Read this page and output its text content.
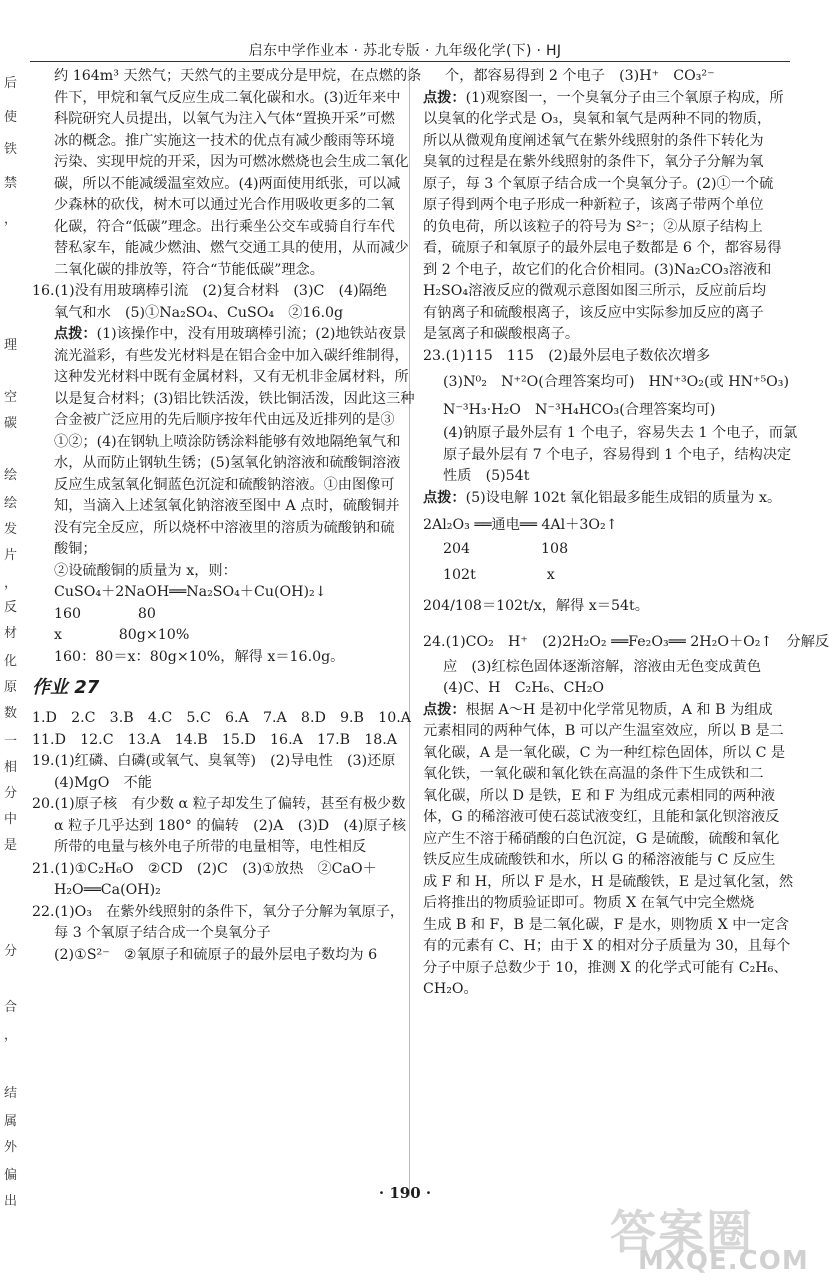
启东中学作业本 · 苏北专版 · 九年级化学(下) · HJ
后
使
铁
禁
，
理
空
碳
绘
绘
发
片
，
反
材
化
原
数
一
相
分
中
是
分
合
，
结
属
外
偏
出
约 164m³ 天然气；天然气的主要成分是甲烷，在点燃的条
件下，甲烷和氧气反应生成二氧化碳和水。(3)近年来中
科院研究人员提出，以氧气为注入气体“置换开采”可燃
冰的概念。推广实施这一技术的优点有减少酸雨等环境
污染、实现甲烷的开采，因为可燃冰燃烧也会生成二氧化
碳，所以不能减缓温室效应。(4)两面使用纸张，可以减
少森林的砍伐，树木可以通过光合作用吸收更多的二氧
化碳，符合“低碳”理念。出行乘坐公交车或骑自行车代
替私家车，能减少燃油、燃气交通工具的使用，从而减少
二氧化碳的排放等，符合“节能低碳”理念。
16.(1)没有用玻璃棒引流　(2)复合材料　(3)C　(4)隔绝
氧气和水　(5)①Na₂SO₄、CuSO₄　②16.0g
点拨：(1)该操作中，没有用玻璃棒引流；(2)地铁站夜景
流光溢彩，有些发光材料是在铝合金中加入碳纤维制得，
这种发光材料中既有金属材料，又有无机非金属材料，所
以是复合材料；(3)铝比铁活泼，铁比铜活泼，因此这三种
合金被广泛应用的先后顺序按年代由远及近排列的是③
①②；(4)在钢轨上喷涂防锈涂料能够有效地隔绝氧气和
水，从而防止钢轨生锈；(5)氢氧化钠溶液和硫酸铜溶液
反应生成氢氧化铜蓝色沉淀和硫酸钠溶液。①由图像可
知，当滴入上述氢氧化钠溶液至图中 A 点时，硫酸铜并
没有完全反应，所以烧杯中溶液里的溶质为硫酸钠和硫
酸铜；
②设硫酸铜的质量为 x，则：
CuSO₄＋2NaOH══Na₂SO₄＋Cu(OH)₂↓
160　　　　80
x　　　　80g×10%
160：80＝x：80g×10%，解得 x＝16.0g。
作业 27
1.D　2.C　3.B　4.C　5.C　6.A　7.A　8.D　9.B　10.A
11.D　12.C　13.A　14.B　15.D　16.A　17.B　18.A
19.(1)红磷、白磷(或氧气、臭氧等)　(2)导电性　(3)还原
(4)MgO　不能
20.(1)原子核　有少数 α 粒子却发生了偏转，甚至有极少数
α 粒子几乎达到 180° 的偏转　(2)A　(3)D　(4)原子核
所带的电量与核外电子所带的电量相等，电性相反
21.(1)①C₂H₆O　②CD　(2)C　(3)①放热　②CaO＋
H₂O══Ca(OH)₂
22.(1)O₃　在紫外线照射的条件下，氧分子分解为氧原子，
每 3 个氧原子结合成一个臭氧分子
(2)①S²⁻　②氧原子和硫原子的最外层电子数均为 6
个，都容易得到 2 个电子　(3)H⁺　CO₃²⁻
点拨：(1)观察图一，一个臭氧分子由三个氧原子构成，所
以臭氧的化学式是 O₃，臭氧和氧气是两种不同的物质，
所以从微观角度阐述氧气在紫外线照射的条件下转化为
臭氧的过程是在紫外线照射的条件下，氧分子分解为氧
原子，每 3 个氧原子结合成一个臭氧分子。(2)①一个硫
原子得到两个电子形成一种新粒子，该离子带两个单位
的负电荷，所以该粒子的符号为 S²⁻；②从原子结构上
看，硫原子和氧原子的最外层电子数都是 6 个，都容易得
到 2 个电子，故它们的化合价相同。(3)Na₂CO₃溶液和
H₂SO₄溶液反应的微观示意图如图三所示，反应前后均
有钠离子和硫酸根离子，该反应中实际参加反应的离子
是氢离子和碳酸根离子。
23.(1)115　115　(2)最外层电子数依次增多
(3)N⁰₂　N⁺²O(合理答案均可)　HN⁺³O₂(或 HN⁺⁵O₃)
N⁻³H₃·H₂O　N⁻³H₄HCO₃(合理答案均可)
(4)钠原子最外层有 1 个电子，容易失去 1 个电子，而氯
原子最外层有 7 个电子，容易得到 1 个电子，结构决定
性质　(5)54t
点拨：(5)设电解 102t 氧化铝最多能生成铝的质量为 x。
2Al₂O₃ ══通电══ 4Al＋3O₂↑
204　　　　　108
102t　　　　　x
204/108＝102t/x，解得 x＝54t。
24.(1)CO₂　H⁺　(2)2H₂O₂ ══Fe₂O₃══ 2H₂O＋O₂↑　分解反
应　(3)红棕色固体逐渐溶解，溶液由无色变成黄色
(4)C、H　C₂H₆、CH₂O
点拨：根据 A～H 是初中化学常见物质，A 和 B 为组成
元素相同的两种气体，B 可以产生温室效应，所以 B 是二
氧化碳，A 是一氧化碳，C 为一种红棕色固体，所以 C 是
氧化铁，一氧化碳和氧化铁在高温的条件下生成铁和二
氧化碳，所以 D 是铁，E 和 F 为组成元素相同的两种液
体，G 的稀溶液可使石蕊试液变红，且能和氯化钡溶液反
应产生不溶于稀硝酸的白色沉淀，G 是硫酸，硫酸和氧化
铁反应生成硫酸铁和水，所以 G 的稀溶液能与 C 反应生
成 F 和 H，所以 F 是水，H 是硫酸铁，E 是过氧化氢，然
后将推出的物质验证即可。物质 X 在氧气中完全燃烧
生成 B 和 F，B 是二氧化碳，F 是水，则物质 X 中一定含
有的元素有 C、H；由于 X 的相对分子质量为 30，且每个
分子中原子总数少于 10，推测 X 的化学式可能有 C₂H₆、
CH₂O。
· 190 ·
答案圈
MXQE.COM
